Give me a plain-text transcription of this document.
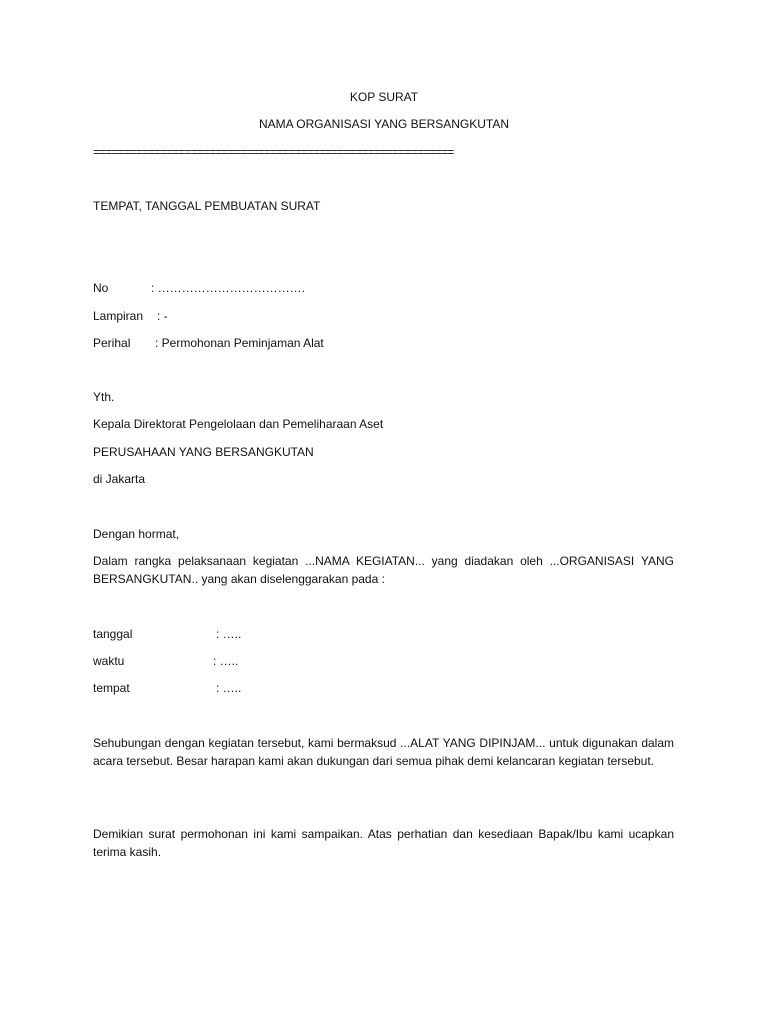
KOP SURAT
NAMA ORGANISASI YANG BERSANGKUTAN
===========================================================
TEMPAT, TANGGAL PEMBUATAN SURAT
No	: ……………………………….
Lampiran : -
Perihal : Permohonan Peminjaman Alat
Yth.
Kepala Direktorat Pengelolaan dan Pemeliharaan Aset
PERUSAHAAN YANG BERSANGKUTAN
di Jakarta
Dengan hormat,
Dalam rangka pelaksanaan kegiatan ...NAMA KEGIATAN... yang diadakan oleh ...ORGANISASI YANG BERSANGKUTAN.. yang akan diselenggarakan pada :
tanggal	: …..
waktu	: …..
tempat	: …..
Sehubungan dengan kegiatan tersebut, kami bermaksud ...ALAT YANG DIPINJAM... untuk digunakan dalam acara tersebut. Besar harapan kami akan dukungan dari semua pihak demi kelancaran kegiatan tersebut.
Demikian surat permohonan ini kami sampaikan. Atas perhatian dan kesediaan Bapak/Ibu kami ucapkan terima kasih.
